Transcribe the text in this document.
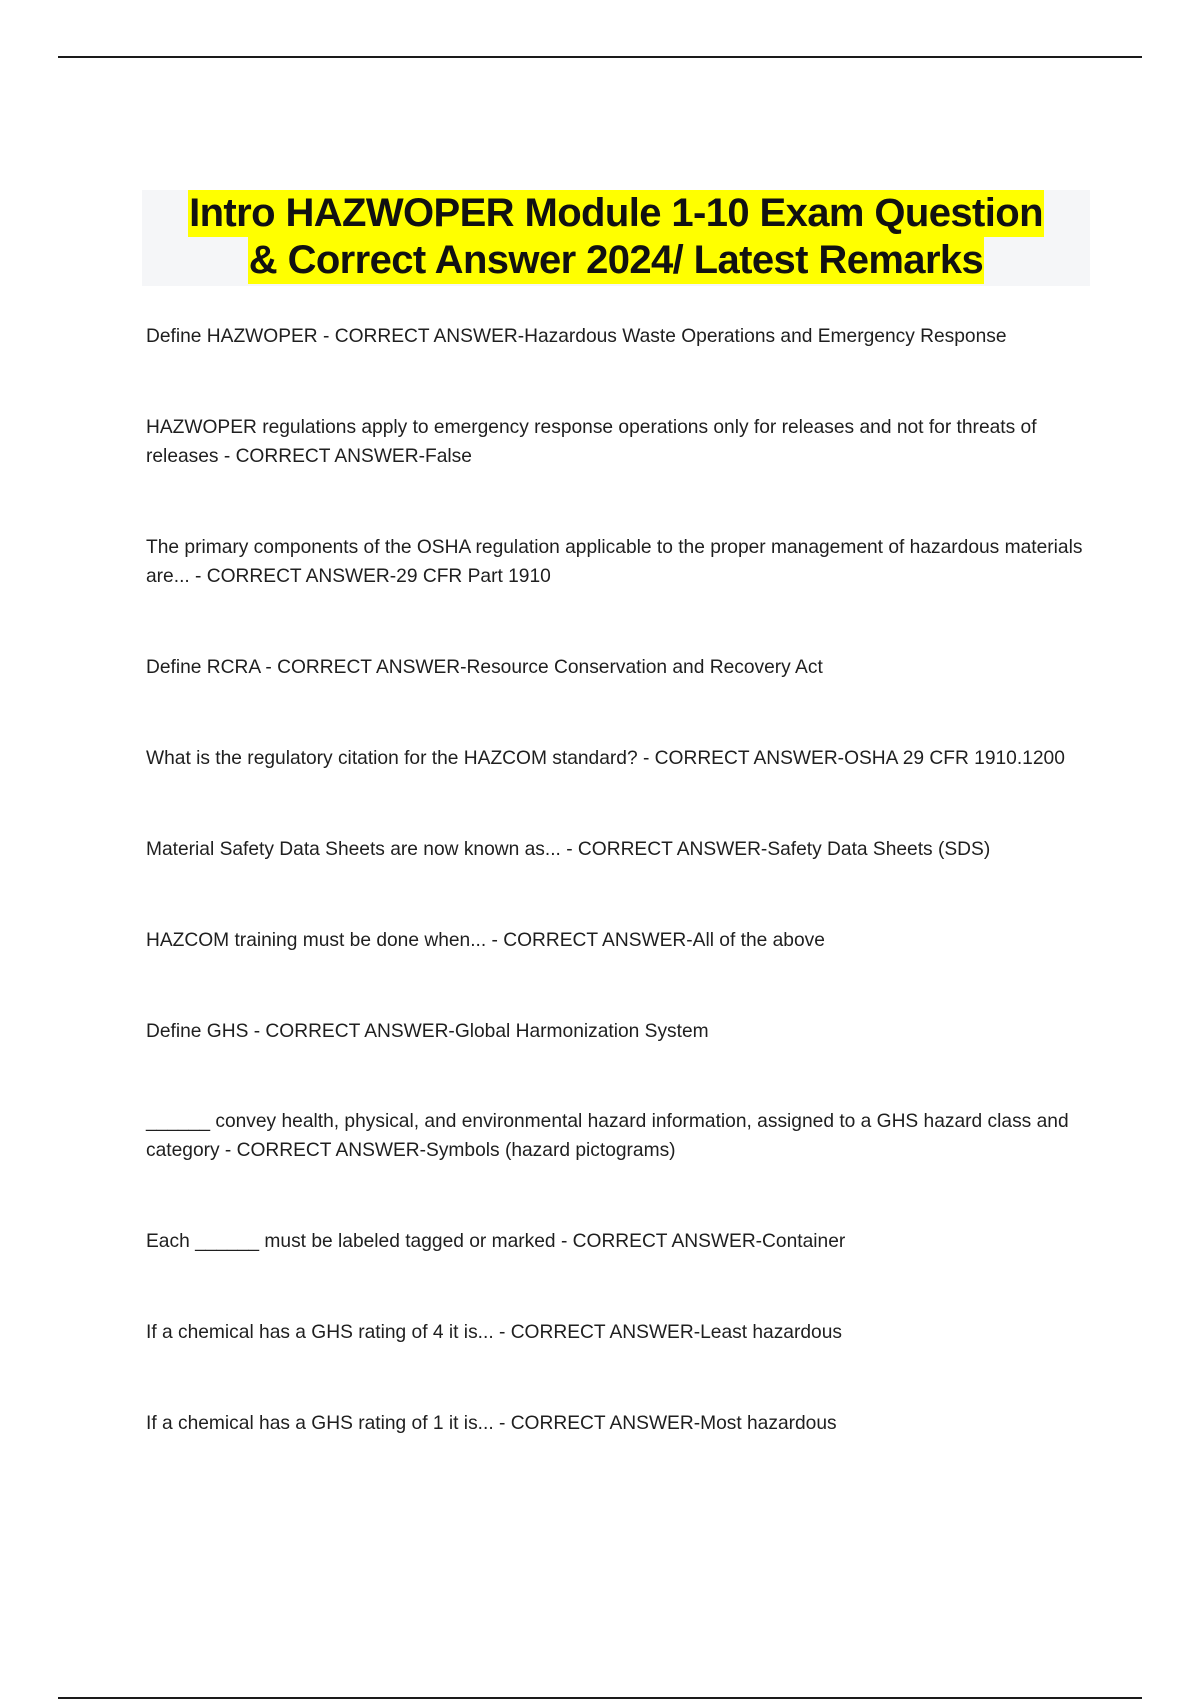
Intro HAZWOPER Module 1-10 Exam Question
& Correct Answer 2024/ Latest Remarks

Define HAZWOPER - CORRECT ANSWER-Hazardous Waste Operations and Emergency Response

HAZWOPER regulations apply to emergency response operations only for releases and not for threats of releases - CORRECT ANSWER-False

The primary components of the OSHA regulation applicable to the proper management of hazardous materials are... - CORRECT ANSWER-29 CFR Part 1910

Define RCRA - CORRECT ANSWER-Resource Conservation and Recovery Act

What is the regulatory citation for the HAZCOM standard? - CORRECT ANSWER-OSHA 29 CFR 1910.1200

Material Safety Data Sheets are now known as... - CORRECT ANSWER-Safety Data Sheets (SDS)

HAZCOM training must be done when... - CORRECT ANSWER-All of the above

Define GHS - CORRECT ANSWER-Global Harmonization System

______ convey health, physical, and environmental hazard information, assigned to a GHS hazard class and category - CORRECT ANSWER-Symbols (hazard pictograms)

Each ______ must be labeled tagged or marked - CORRECT ANSWER-Container

If a chemical has a GHS rating of 4 it is... - CORRECT ANSWER-Least hazardous

If a chemical has a GHS rating of 1 it is... - CORRECT ANSWER-Most hazardous
